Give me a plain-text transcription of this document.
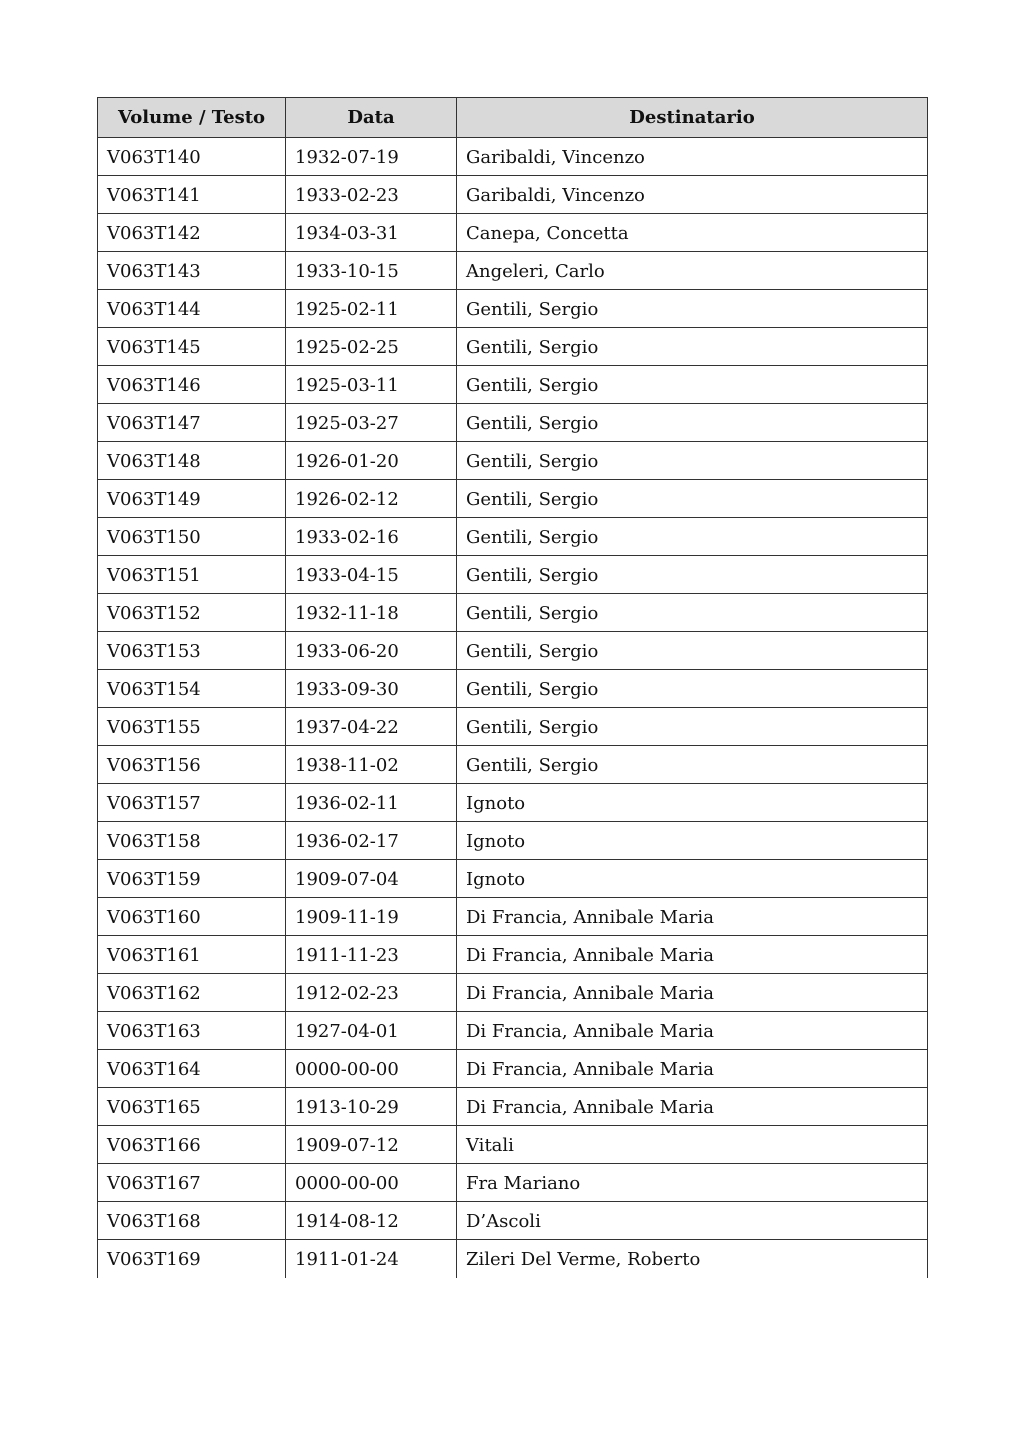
Volume / Testo	Data	Destinatario
V063T140	1932-07-19	Garibaldi, Vincenzo
V063T141	1933-02-23	Garibaldi, Vincenzo
V063T142	1934-03-31	Canepa, Concetta
V063T143	1933-10-15	Angeleri, Carlo
V063T144	1925-02-11	Gentili, Sergio
V063T145	1925-02-25	Gentili, Sergio
V063T146	1925-03-11	Gentili, Sergio
V063T147	1925-03-27	Gentili, Sergio
V063T148	1926-01-20	Gentili, Sergio
V063T149	1926-02-12	Gentili, Sergio
V063T150	1933-02-16	Gentili, Sergio
V063T151	1933-04-15	Gentili, Sergio
V063T152	1932-11-18	Gentili, Sergio
V063T153	1933-06-20	Gentili, Sergio
V063T154	1933-09-30	Gentili, Sergio
V063T155	1937-04-22	Gentili, Sergio
V063T156	1938-11-02	Gentili, Sergio
V063T157	1936-02-11	Ignoto
V063T158	1936-02-17	Ignoto
V063T159	1909-07-04	Ignoto
V063T160	1909-11-19	Di Francia, Annibale Maria
V063T161	1911-11-23	Di Francia, Annibale Maria
V063T162	1912-02-23	Di Francia, Annibale Maria
V063T163	1927-04-01	Di Francia, Annibale Maria
V063T164	0000-00-00	Di Francia, Annibale Maria
V063T165	1913-10-29	Di Francia, Annibale Maria
V063T166	1909-07-12	Vitali
V063T167	0000-00-00	Fra Mariano
V063T168	1914-08-12	D’Ascoli
V063T169	1911-01-24	Zileri Del Verme, Roberto
